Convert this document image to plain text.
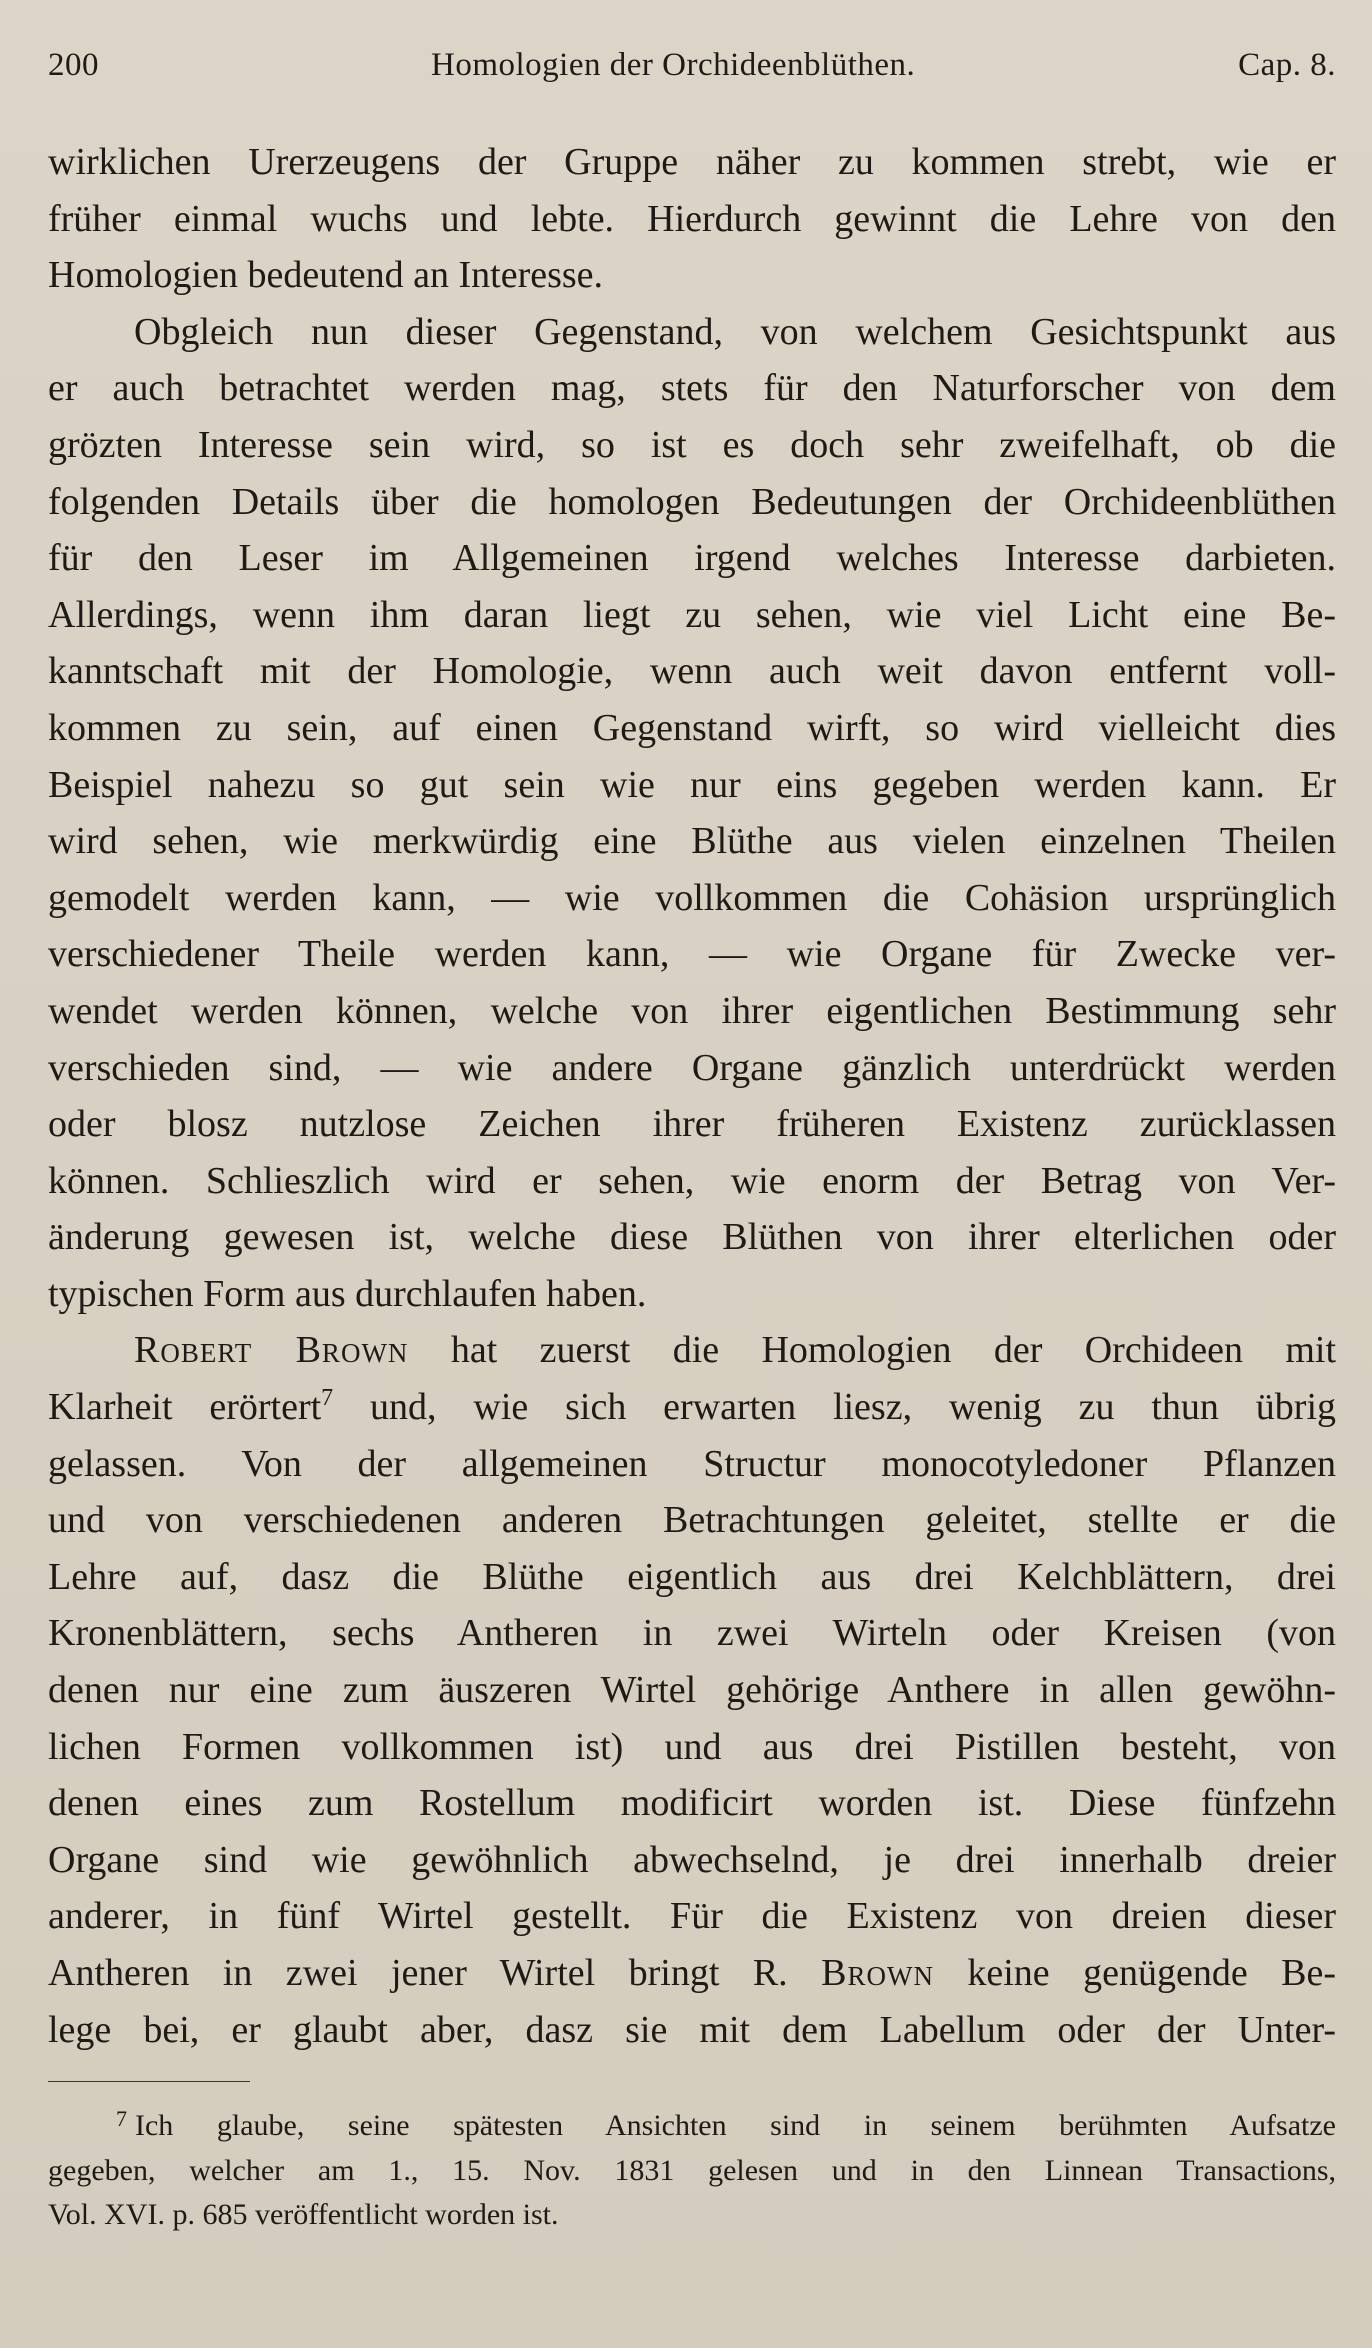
200	Homologien der Orchideenblüthen.	Cap. 8.
wirklichen Urerzeugens der Gruppe näher zu kommen strebt, wie er
früher einmal wuchs und lebte. Hierdurch gewinnt die Lehre von den
Homologien bedeutend an Interesse.
Obgleich nun dieser Gegenstand, von welchem Gesichtspunkt aus
er auch betrachtet werden mag, stets für den Naturforscher von dem
grözten Interesse sein wird, so ist es doch sehr zweifelhaft, ob die
folgenden Details über die homologen Bedeutungen der Orchideenblüthen
für den Leser im Allgemeinen irgend welches Interesse darbieten.
Allerdings, wenn ihm daran liegt zu sehen, wie viel Licht eine Be-
kanntschaft mit der Homologie, wenn auch weit davon entfernt voll-
kommen zu sein, auf einen Gegenstand wirft, so wird vielleicht dies
Beispiel nahezu so gut sein wie nur eins gegeben werden kann. Er
wird sehen, wie merkwürdig eine Blüthe aus vielen einzelnen Theilen
gemodelt werden kann, — wie vollkommen die Cohäsion ursprünglich
verschiedener Theile werden kann, — wie Organe für Zwecke ver-
wendet werden können, welche von ihrer eigentlichen Bestimmung sehr
verschieden sind, — wie andere Organe gänzlich unterdrückt werden
oder blosz nutzlose Zeichen ihrer früheren Existenz zurücklassen
können. Schlieszlich wird er sehen, wie enorm der Betrag von Ver-
änderung gewesen ist, welche diese Blüthen von ihrer elterlichen oder
typischen Form aus durchlaufen haben.
Robert Brown hat zuerst die Homologien der Orchideen mit
Klarheit erörtert$^7$ und, wie sich erwarten liesz, wenig zu thun übrig
gelassen. Von der allgemeinen Structur monocotyledoner Pflanzen
und von verschiedenen anderen Betrachtungen geleitet, stellte er die
Lehre auf, dasz die Blüthe eigentlich aus drei Kelchblättern, drei
Kronenblättern, sechs Antheren in zwei Wirteln oder Kreisen (von
denen nur eine zum äuszeren Wirtel gehörige Anthere in allen gewöhn-
lichen Formen vollkommen ist) und aus drei Pistillen besteht, von
denen eines zum Rostellum modificirt worden ist. Diese fünfzehn
Organe sind wie gewöhnlich abwechselnd, je drei innerhalb dreier
anderer, in fünf Wirtel gestellt. Für die Existenz von dreien dieser
Antheren in zwei jener Wirtel bringt R. Brown keine genügende Be-
lege bei, er glaubt aber, dasz sie mit dem Labellum oder der Unter-
$^7$ Ich glaube, seine spätesten Ansichten sind in seinem berühmten Aufsatze
gegeben, welcher am 1., 15. Nov. 1831 gelesen und in den Linnean Transactions,
Vol. XVI. p. 685 veröffentlicht worden ist.
